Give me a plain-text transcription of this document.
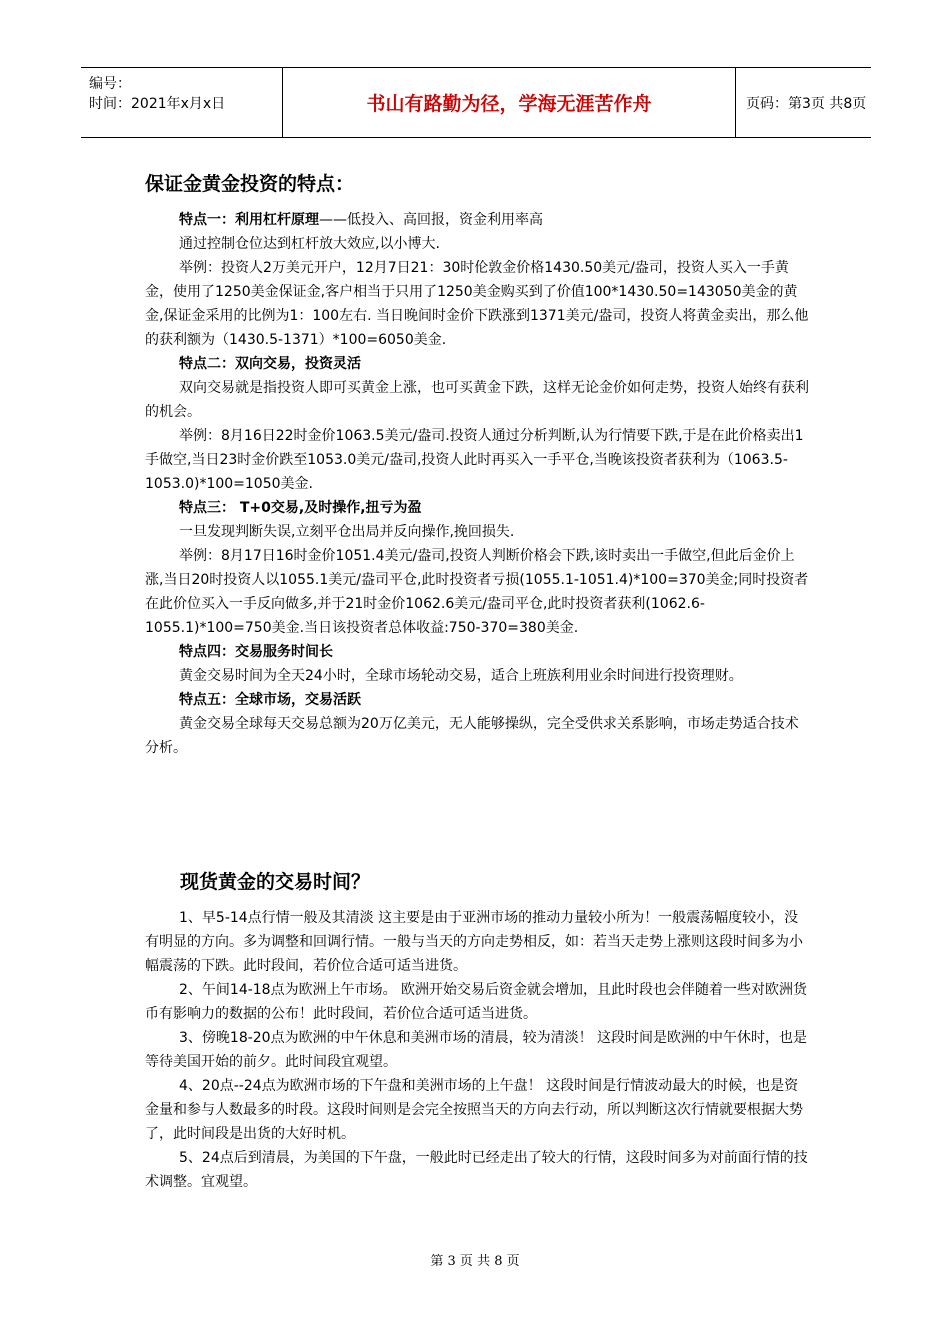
编号：
时间：2021年x月x日	书山有路勤为径，学海无涯苦作舟	页码：第3页 共8页
保证金黄金投资的特点：

特点一：利用杠杆原理——低投入、高回报，资金利用率高

通过控制仓位达到杠杆放大效应,以小博大.

举例：投资人2万美元开户，12月7日21：30时伦敦金价格1430.50美元/盎司，投资人买入一手黄金，使用了1250美金保证金,客户相当于只用了1250美金购买到了价值100*1430.50=143050美金的黄金,保证金采用的比例为1：100左右. 当日晚间时金价下跌涨到1371美元/盎司，投资人将黄金卖出，那么他的获利额为（1430.5-1371）*100=6050美金.

特点二：双向交易，投资灵活

双向交易就是指投资人即可买黄金上涨，也可买黄金下跌，这样无论金价如何走势，投资人始终有获利的机会。

举例：8月16日22时金价1063.5美元/盎司.投资人通过分析判断,认为行情要下跌,于是在此价格卖出1手做空,当日23时金价跌至1053.0美元/盎司,投资人此时再买入一手平仓,当晚该投资者获利为（1063.5-1053.0)*100=1050美金.

特点三： T+0交易,及时操作,扭亏为盈

一旦发现判断失误,立刻平仓出局并反向操作,挽回损失.

举例：8月17日16时金价1051.4美元/盎司,投资人判断价格会下跌,该时卖出一手做空,但此后金价上涨,当日20时投资人以1055.1美元/盎司平仓,此时投资者亏损(1055.1-1051.4)*100=370美金;同时投资者在此价位买入一手反向做多,并于21时金价1062.6美元/盎司平仓,此时投资者获利(1062.6-1055.1)*100=750美金.当日该投资者总体收益:750-370=380美金.

特点四：交易服务时间长

黄金交易时间为全天24小时，全球市场轮动交易，适合上班族利用业余时间进行投资理财。

特点五：全球市场，交易活跃

黄金交易全球每天交易总额为20万亿美元，无人能够操纵，完全受供求关系影响，市场走势适合技术分析。

现货黄金的交易时间？

1、早5-14点行情一般及其清淡 这主要是由于亚洲市场的推动力量较小所为！一般震荡幅度较小，没有明显的方向。多为调整和回调行情。一般与当天的方向走势相反，如：若当天走势上涨则这段时间多为小幅震荡的下跌。此时段间，若价位合适可适当进货。

2、午间14-18点为欧洲上午市场。 欧洲开始交易后资金就会增加，且此时段也会伴随着一些对欧洲货币有影响力的数据的公布！此时段间，若价位合适可适当进货。

3、傍晚18-20点为欧洲的中午休息和美洲市场的清晨，较为清淡！ 这段时间是欧洲的中午休时，也是等待美国开始的前夕。此时间段宜观望。

4、20点--24点为欧洲市场的下午盘和美洲市场的上午盘！ 这段时间是行情波动最大的时候，也是资金量和参与人数最多的时段。这段时间则是会完全按照当天的方向去行动，所以判断这次行情就要根据大势了，此时间段是出货的大好时机。

5、24点后到清晨，为美国的下午盘，一般此时已经走出了较大的行情，这段时间多为对前面行情的技术调整。宜观望。

第 3 页 共 8 页
